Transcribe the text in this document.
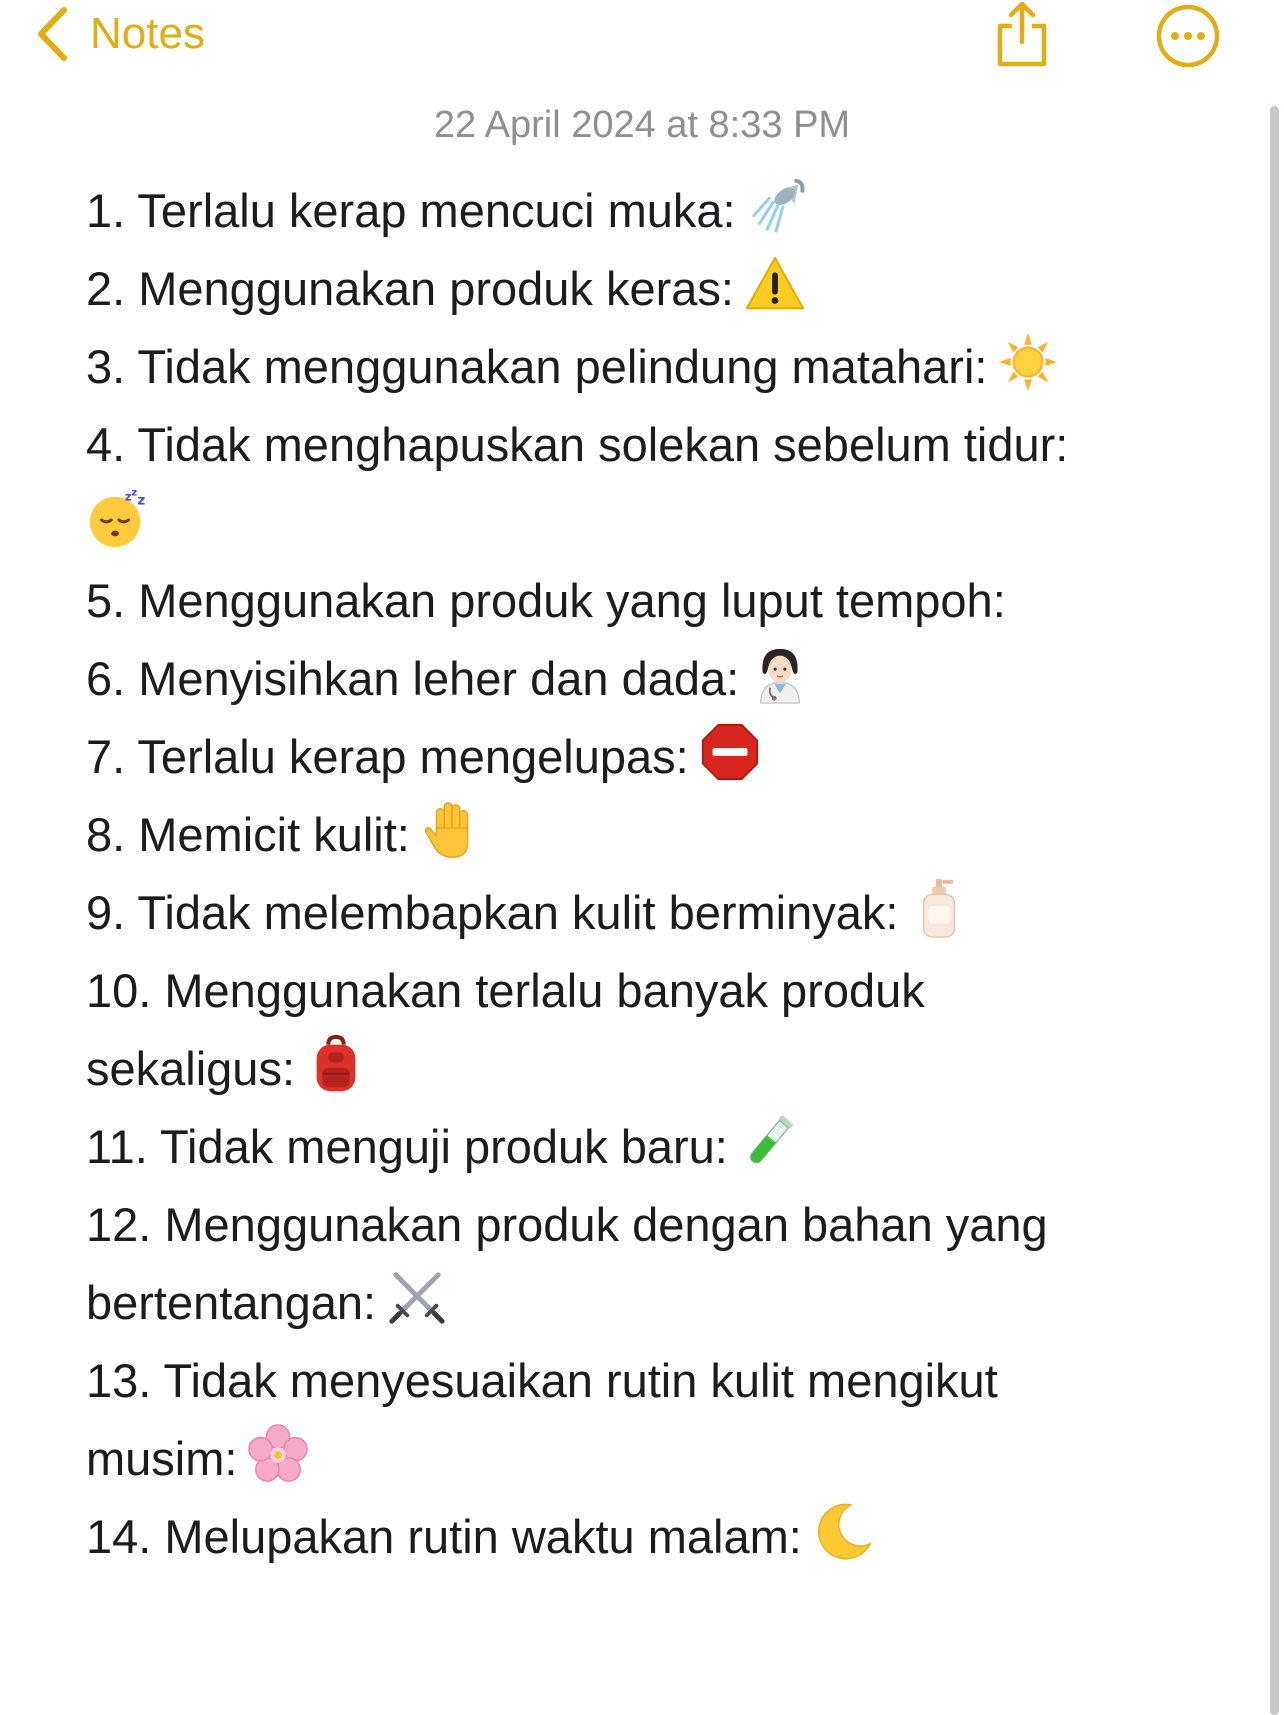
Notes
22 April 2024 at 8:33 PM
1. Terlalu kerap mencuci muka:
2. Menggunakan produk keras:
3. Tidak menggunakan pelindung matahari:
4. Tidak menghapuskan solekan sebelum tidur:
z z z
5. Menggunakan produk yang luput tempoh:
6. Menyisihkan leher dan dada:
7. Terlalu kerap mengelupas:
8. Memicit kulit:
9. Tidak melembapkan kulit berminyak:
10. Menggunakan terlalu banyak produk
sekaligus:
11. Tidak menguji produk baru:
12. Menggunakan produk dengan bahan yang
bertentangan:
13. Tidak menyesuaikan rutin kulit mengikut
musim:
14. Melupakan rutin waktu malam:
